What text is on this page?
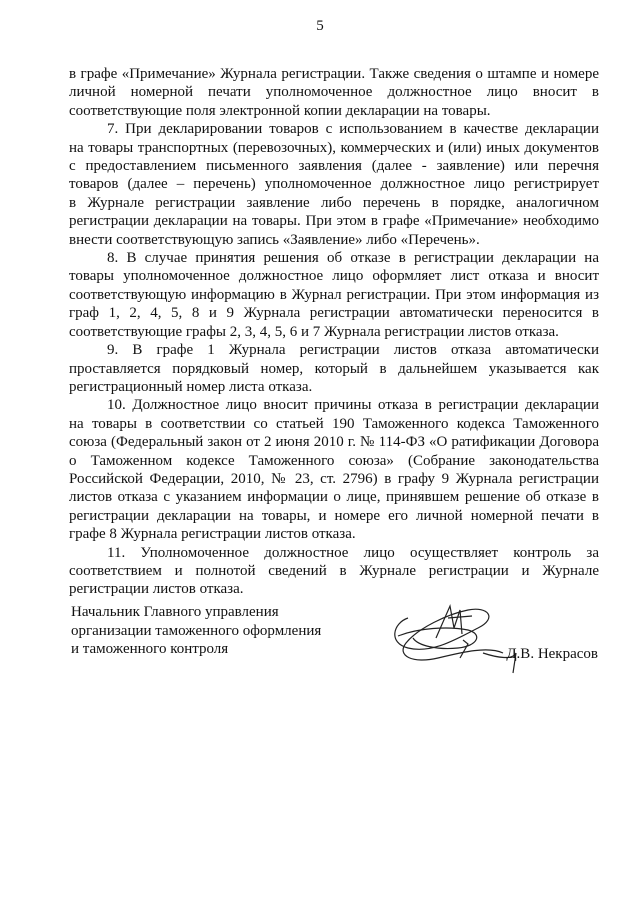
5
в графе «Примечание» Журнала регистрации. Также сведения о штампе и номере
личной номерной печати уполномоченное должностное лицо вносит в
соответствующие поля электронной копии декларации на товары.
7. При декларировании товаров с использованием в качестве декларации
на товары транспортных (перевозочных), коммерческих и (или) иных документов
с предоставлением письменного заявления (далее - заявление) или перечня
товаров (далее – перечень) уполномоченное должностное лицо регистрирует
в Журнале регистрации заявление либо перечень в порядке, аналогичном
регистрации декларации на товары. При этом в графе «Примечание» необходимо
внести соответствующую запись «Заявление» либо «Перечень».
8. В случае принятия решения об отказе в регистрации декларации на
товары уполномоченное должностное лицо оформляет лист отказа и вносит
соответствующую информацию в Журнал регистрации. При этом информация из
граф 1, 2, 4, 5, 8 и 9 Журнала регистрации автоматически переносится в
соответствующие графы 2, 3, 4, 5, 6 и 7 Журнала регистрации листов отказа.
9. В графе 1 Журнала регистрации листов отказа автоматически
проставляется порядковый номер, который в дальнейшем указывается как
регистрационный номер листа отказа.
10. Должностное лицо вносит причины отказа в регистрации декларации
на товары в соответствии со статьей 190 Таможенного кодекса Таможенного
союза (Федеральный закон от 2 июня 2010 г. № 114-ФЗ «О ратификации Договора
о Таможенном кодексе Таможенного союза» (Собрание законодательства
Российской Федерации, 2010, № 23, ст. 2796) в графу 9 Журнала регистрации
листов отказа с указанием информации о лице, принявшем решение об отказе в
регистрации декларации на товары, и номере его личной номерной печати в
графе 8 Журнала регистрации листов отказа.
11. Уполномоченное должностное лицо осуществляет контроль за
соответствием и полнотой сведений в Журнале регистрации и Журнале
регистрации листов отказа.
Начальник Главного управления
организации таможенного оформления
и таможенного контроля	Д.В. Некрасов
